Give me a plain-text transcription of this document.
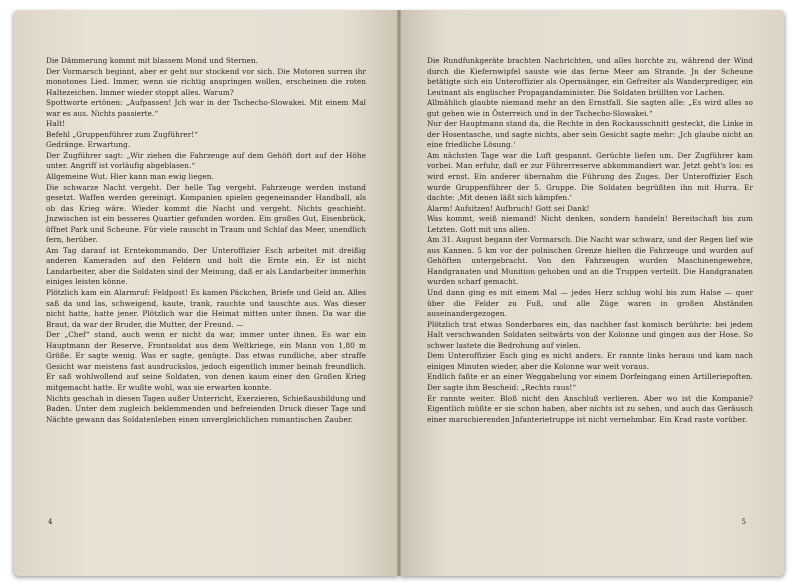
Die Dämmerung kommt mit blassem Mond und Sternen.

Der Vormarsch beginnt, aber er geht nur stockend vor sich. Die Motoren surren ihr monotones Lied. Immer, wenn sie richtig anspringen wollen, erscheinen die roten Haltezeichen. Immer wieder stoppt alles. Warum?

Spottworte ertönen: „Aufpassen! Jch war in der Tschecho-Slowakei. Mit einem Mal war es aus. Nichts passierte.“

Halt!

Befehl „Gruppenführer zum Zugführer!“

Gedränge. Erwartung.

Der Zugführer sagt: „Wir ziehen die Fahrzeuge auf dem Gehöft dort auf der Höhe unter. Angriff ist vorläufig abgeblasen.“

Allgemeine Wut. Hier kann man ewig liegen.

Die schwarze Nacht vergeht. Der helle Tag vergeht. Fahrzeuge werden instand gesetzt. Waffen werden gereinigt. Kompanien spielen gegeneinander Handball, als ob das Krieg wäre. Wieder kommt die Nacht und vergeht. Nichts geschieht. Jnzwischen ist ein besseres Quartier gefunden worden. Ein großes Gut, Eisenbrück, öffnet Park und Scheune. Für viele rauscht in Traum und Schlaf das Meer, unendlich fern, herüber.

Am Tag darauf ist Erntekommando. Der Unteroffizier Esch arbeitet mit dreißig anderen Kameraden auf den Feldern und holt die Ernte ein. Er ist nicht Landarbeiter, aber die Soldaten sind der Meinung, daß er als Landarbeiter immerhin einiges leisten könne.

Plötzlich kam ein Alarmruf: Feldpost! Es kamen Päckchen, Briefe und Geld an. Alles saß da und las, schweigend, kaute, trank, rauchte und tauschte aus. Was dieser nicht hatte, hatte jener. Plötzlich war die Heimat mitten unter ihnen. Da war die Braut, da war der Bruder, die Mutter, der Freund. —

Der „Chef“ stand, auch wenn er nicht da war, immer unter ihnen. Es war ein Hauptmann der Reserve, Frontsoldat aus dem Weltkriege, ein Mann von 1,80 m Größe. Er sagte wenig. Was er sagte, genügte. Das etwas rundliche, aber straffe Gesicht war meistens fast ausdruckslos, jedoch eigentlich immer beinah freundlich. Er saß wohlwollend auf seine Soldaten, von denen kaum einer den Großen Krieg mitgemacht hatte. Er wußte wohl, was sie erwarten konnte.

Nichts geschah in diesen Tagen außer Unterricht, Exerzieren, Schießausbildung und Baden. Unter dem zugleich beklemmenden und befreienden Druck dieser Tage und Nächte gewann das Soldatenleben einen unvergleichlichen romantischen Zauber.

4

Die Rundfunkgeräte brachten Nachrichten, und alles horchte zu, während der Wind durch die Kiefernwipfel sauste wie das ferne Meer am Strande. Jn der Scheune betätigte sich ein Unteroffizier als Opernsänger, ein Gefreiter als Wanderprediger, ein Leutnant als englischer Propagandaminister. Die Soldaten brüllten vor Lachen.

Allmählich glaubte niemand mehr an den Ernstfall. Sie sagten alle: „Es wird alles so gut gehen wie in Österreich und in der Tschecho-Slowakei.“

Nur der Hauptmann stand da, die Rechte in den Rockausschnitt gesteckt, die Linke in der Hosentasche, und sagte nichts, aber sein Gesicht sagte mehr: ‚Jch glaube nicht an eine friedliche Lösung.‘

Am nächsten Tage war die Luft gespannt. Gerüchte liefen um. Der Zugführer kam vorbei. Man erfuhr, daß er zur Führerreserve abkommandiert war. Jetzt geht's los: es wird ernst. Ein anderer übernahm die Führung des Zuges. Der Unteroffizier Esch wurde Gruppenführer der 5. Gruppe. Die Soldaten begrüßten ihn mit Hurra. Er dachte: ‚Mit denen läßt sich kämpfen.‘

Alarm! Aufsitzen! Aufbruch! Gott sei Dank!

Was kommt, weiß niemand! Nicht denken, sondern handeln! Bereitschaft bis zum Letzten. Gott mit uns allen.

Am 31. August begann der Vormarsch. Die Nacht war schwarz, und der Regen lief wie aus Kannen. 5 km vor der polnischen Grenze hielten die Fahrzeuge und wurden auf Gehöften untergebracht. Von den Fahrzeugen wurden Maschinengewehre, Handgranaten und Munition gehoben und an die Truppen verteilt. Die Handgranaten wurden scharf gemacht.

Und dann ging es mit einem Mal — jedes Herz schlug wohl bis zum Halse — quer über die Felder zu Fuß, und alle Züge waren in großen Abständen auseinandergezogen.

Plötzlich trat etwas Sonderbares ein, das nachher fast komisch berührte: bei jedem Halt verschwanden Soldaten seitwärts von der Kolonne und gingen aus der Hose. So schwer lastete die Bedrohung auf vielen.

Dem Unteroffizier Esch ging es nicht anders. Er rannte links heraus und kam nach einigen Minuten wieder, aber die Kolonne war weit voraus.

Endlich faßte er an einer Weggabelung vor einem Dorfeingang einen Artilleriepoften. Der sagte ihm Bescheid: „Rechts raus!“

Er rannte weiter. Bloß nicht den Anschluß verlieren. Aber wo ist die Kompanie? Eigentlich müßte er sie schon haben, aber nichts ist zu sehen, und auch das Geräusch einer marschierenden Jnfanterietruppe ist nicht vernehmbar. Ein Krad raste vorüber.

5
